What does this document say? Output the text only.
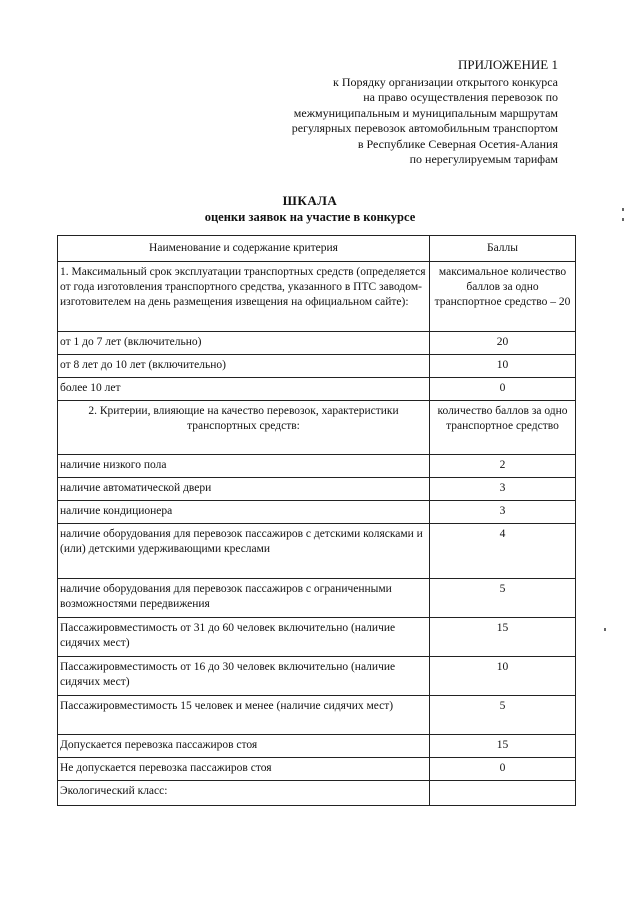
ПРИЛОЖЕНИЕ 1
к Порядку организации открытого конкурса
на право осуществления перевозок по
межмуниципальным и муниципальным маршрутам
регулярных перевозок автомобильным транспортом
в Республике Северная Осетия-Алания
по нерегулируемым тарифам
ШКАЛА
оценки заявок на участие в конкурсе
Наименование и содержание критерия	Баллы
1. Максимальный срок эксплуатации транспортных средств (определяется от года изготовления транспортного средства, указанного в ПТС заводом-изготовителем на день размещения извещения на официальном сайте):	максимальное количество баллов за одно транспортное средство – 20
от 1 до 7 лет (включительно)	20
от 8 лет до 10 лет (включительно)	10
более 10 лет	0
2. Критерии, влияющие на качество перевозок, характеристики транспортных средств:	количество баллов за одно транспортное средство
наличие низкого пола	2
наличие автоматической двери	3
наличие кондиционера	3
наличие оборудования для перевозок пассажиров с детскими колясками и (или) детскими удерживающими креслами	4
наличие оборудования для перевозок пассажиров с ограниченными возможностями передвижения	5
Пассажировместимость от 31 до 60 человек включительно (наличие сидячих мест)	15
Пассажировместимость от 16 до 30 человек включительно (наличие сидячих мест)	10
Пассажировместимость 15 человек и менее (наличие сидячих мест)	5
Допускается перевозка пассажиров стоя	15
Не допускается перевозка пассажиров стоя	0
Экологический класс:	
